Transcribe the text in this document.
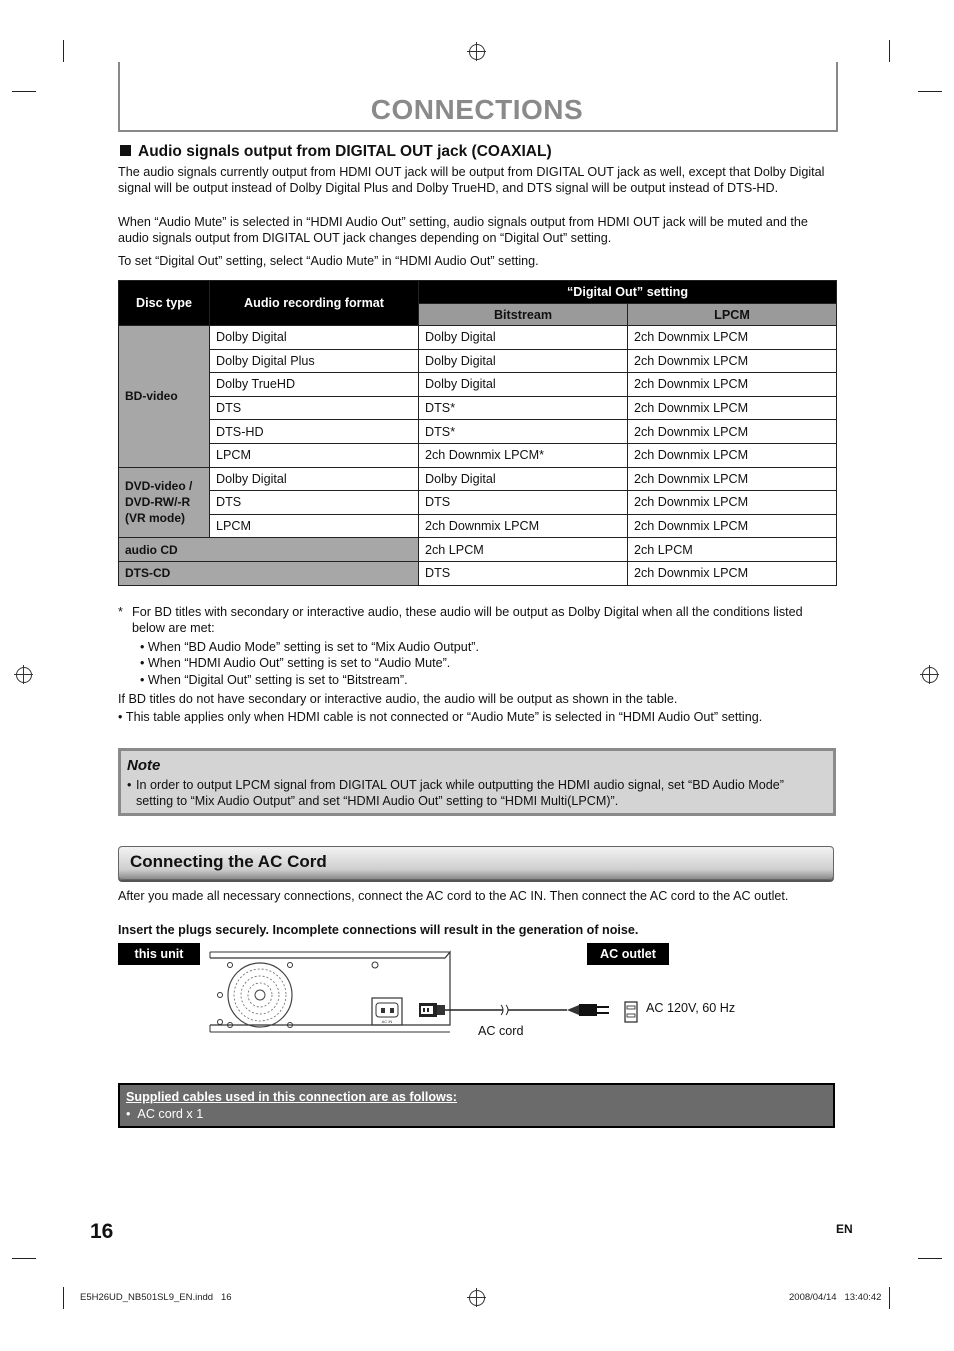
CONNECTIONS
Audio signals output from DIGITAL OUT jack (COAXIAL)
The audio signals currently output from HDMI OUT jack will be output from DIGITAL OUT jack as well, except that Dolby Digital signal will be output instead of Dolby Digital Plus and Dolby TrueHD, and DTS signal will be output instead of DTS-HD.
When “Audio Mute” is selected in “HDMI Audio Out” setting, audio signals output from HDMI OUT jack will be muted and the audio signals output from DIGITAL OUT jack changes depending on “Digital Out” setting.
To set “Digital Out” setting, select “Audio Mute” in “HDMI Audio Out” setting.
Disc type	Audio recording format	“Digital Out” setting	
		Bitstream	LPCM
BD-video	Dolby Digital	Dolby Digital	2ch Downmix LPCM
	Dolby Digital Plus	Dolby Digital	2ch Downmix LPCM
	Dolby TrueHD	Dolby Digital	2ch Downmix LPCM
	DTS	DTS*	2ch Downmix LPCM
	DTS-HD	DTS*	2ch Downmix LPCM
	LPCM	2ch Downmix LPCM*	2ch Downmix LPCM
DVD-video / DVD-RW/-R (VR mode)	Dolby Digital	Dolby Digital	2ch Downmix LPCM
	DTS	DTS	2ch Downmix LPCM
	LPCM	2ch Downmix LPCM	2ch Downmix LPCM
audio CD		2ch LPCM	2ch LPCM
DTS-CD		DTS	2ch Downmix LPCM
* For BD titles with secondary or interactive audio, these audio will be output as Dolby Digital when all the conditions listed below are met:
• When “BD Audio Mode” setting is set to “Mix Audio Output”.
• When “HDMI Audio Out” setting is set to “Audio Mute”.
• When “Digital Out” setting is set to “Bitstream”.
If BD titles do not have secondary or interactive audio, the audio will be output as shown in the table.
• This table applies only when HDMI cable is not connected or “Audio Mute” is selected in “HDMI Audio Out” setting.
Note
• In order to output LPCM signal from DIGITAL OUT jack while outputting the HDMI audio signal, set “BD Audio Mode” setting to “Mix Audio Output” and set “HDMI Audio Out” setting to “HDMI Multi(LPCM)”.
Connecting the AC Cord
After you made all necessary connections, connect the AC cord to the AC IN. Then connect the AC cord to the AC outlet.
Insert the plugs securely. Incomplete connections will result in the generation of noise.
this unit	AC outlet
AC IN
AC 120V, 60 Hz
AC cord
Supplied cables used in this connection are as follows:
•  AC cord x 1
16	EN
E5H26UD_NB501SL9_EN.indd   16	2008/04/14   13:40:42
